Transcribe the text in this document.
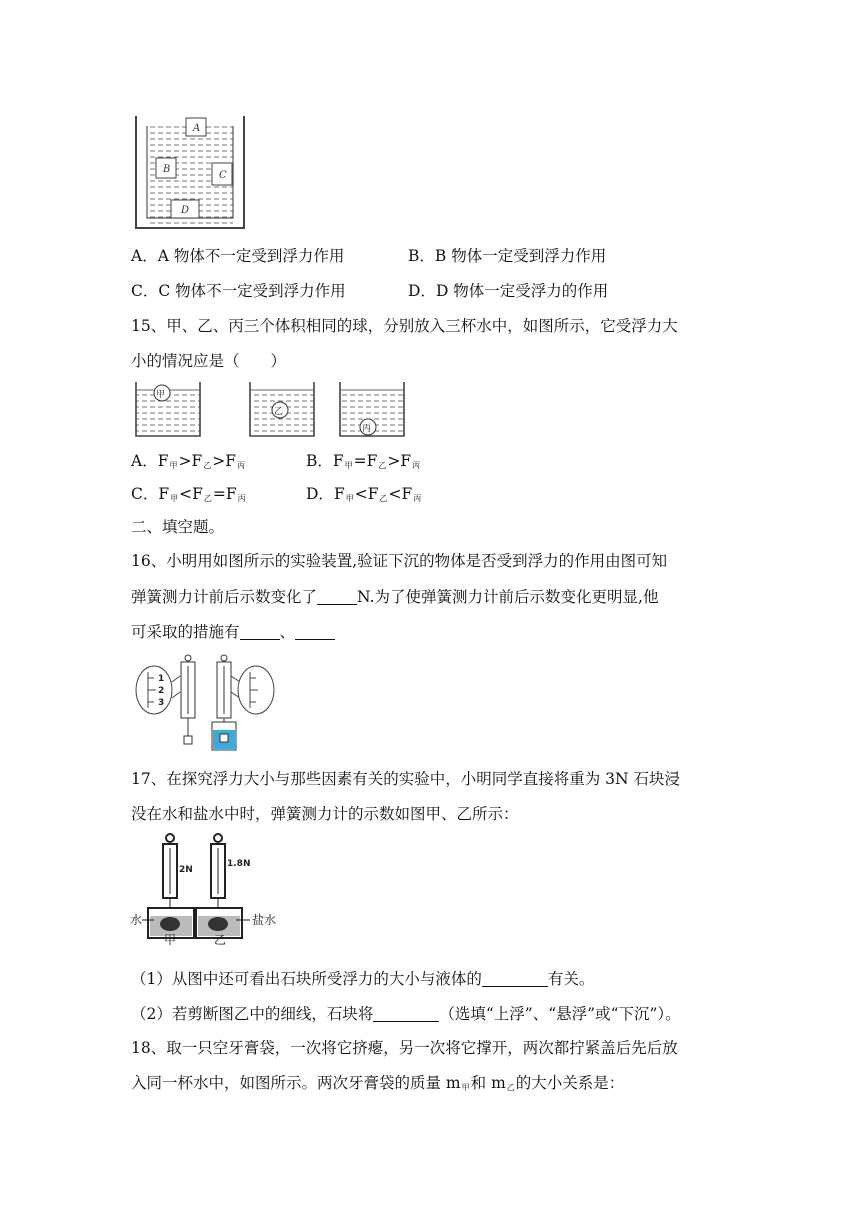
A
B
C
D
A．A 物体不一定受到浮力作用	B．B 物体一定受到浮力作用
C．C 物体不一定受到浮力作用	D．D 物体一定受浮力的作用
15、甲、乙、丙三个体积相同的球，分别放入三杯水中，如图所示，它受浮力大
小的情况应是（　　）
甲
乙
丙
A．$F_甲>F_乙>F_丙$	B．$F_甲=F_乙>F_丙$
C．$F_甲<F_乙=F_丙$	D．$F_甲<F_乙<F_丙$
二、填空题。
16、小明用如图所示的实验装置,验证下沉的物体是否受到浮力的作用由图可知
弹簧测力计前后示数变化了	N.为了使弹簧测力计前后示数变化更明显,他
可采取的措施有	、
1
2
3
17、在探究浮力大小与那些因素有关的实验中，小明同学直接将重为 3N 石块浸
没在水和盐水中时，弹簧测力计的示数如图甲、乙所示：
2N
水
甲
1.8N
盐水
乙
（1）从图中还可看出石块所受浮力的大小与液体的	有关。
（2）若剪断图乙中的细线，石块将	（选填“上浮”、“悬浮”或“下沉”）。
18、取一只空牙膏袋，一次将它挤瘪，另一次将它撑开，两次都拧紧盖后先后放
入同一杯水中，如图所示。两次牙膏袋的质量 $m_甲$和 $m_乙$的大小关系是：
